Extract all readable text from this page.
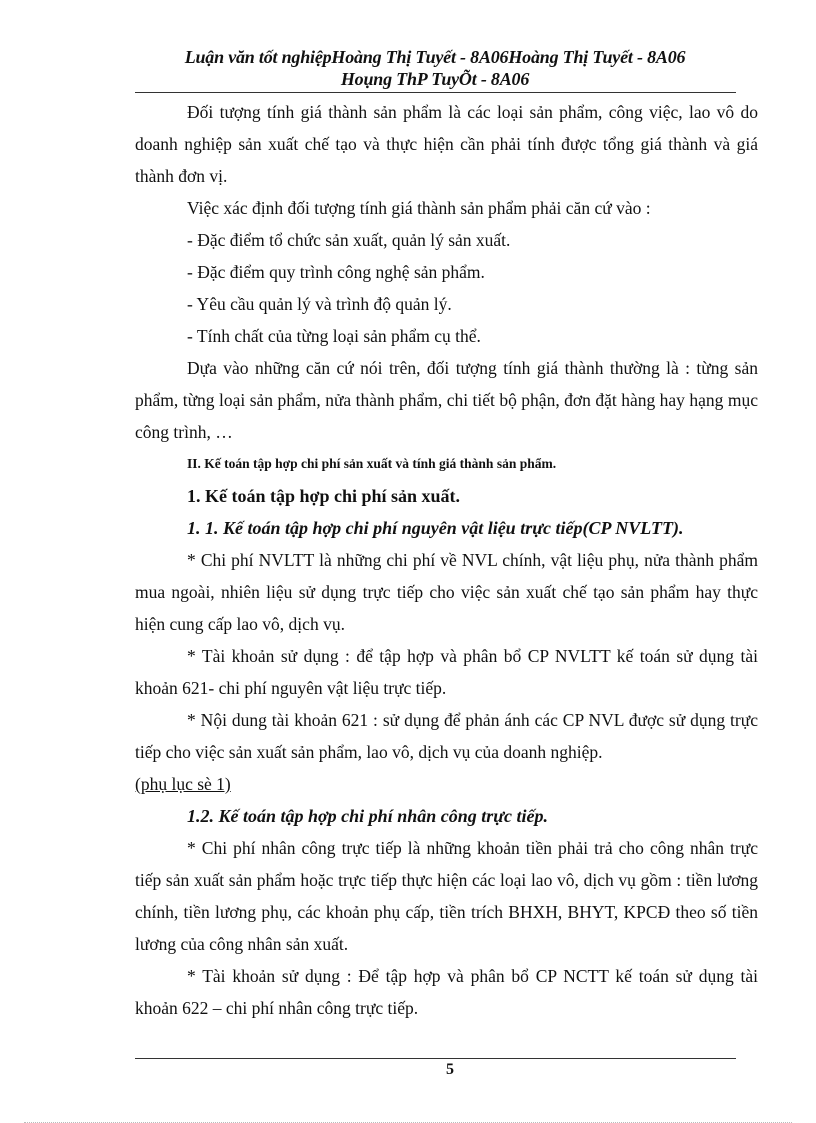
Luận văn tốt nghiệpHoàng Thị Tuyết - 8A06Hoàng Thị Tuyết - 8A06
Hoụng ThP TuyÕt - 8A06

Đối tượng tính giá thành sản phẩm là các loại sản phẩm, công việc, lao vô do doanh nghiệp sản xuất chế tạo và thực hiện cần phải tính được tổng giá thành và giá thành đơn vị.

Việc xác định đối tượng tính giá thành sản phẩm phải căn cứ vào :

- Đặc điểm tổ chức sản xuất, quản lý sản xuất.

- Đặc điểm quy trình công nghệ sản phẩm.

- Yêu cầu quản lý và trình độ quản lý.

- Tính chất của từng loại sản phẩm cụ thể.

Dựa vào những căn cứ nói trên, đối tượng tính giá thành thường là : từng sản phẩm, từng loại sản phẩm, nửa thành phẩm, chi tiết bộ phận, đơn đặt hàng hay hạng mục công trình, …

II. Kế toán tập hợp chi phí sản xuất và tính giá thành sản phẩm.

1. Kế toán tập hợp chi phí sản xuất.

1. 1. Kế toán tập hợp chi phí nguyên vật liệu trực tiếp(CP NVLTT).

* Chi phí NVLTT là những chi phí về NVL chính, vật liệu phụ, nửa thành phẩm mua ngoài, nhiên liệu sử dụng trực tiếp cho việc sản xuất chế tạo sản phẩm hay thực hiện cung cấp lao vô, dịch vụ.

* Tài khoản sử dụng : để tập hợp và phân bổ CP NVLTT kế toán sử dụng tài khoản 621- chi phí nguyên vật liệu trực tiếp.

* Nội dung tài khoản 621 : sử dụng để phản ánh các CP NVL được sử dụng trực tiếp cho việc sản xuất sản phẩm, lao vô, dịch vụ của doanh nghiệp.

(phụ lục sè 1)

1.2. Kế toán tập hợp chi phí nhân công trực tiếp.

* Chi phí nhân công trực tiếp là những khoản tiền phải trả cho công nhân trực tiếp sản xuất sản phẩm hoặc trực tiếp thực hiện các loại lao vô, dịch vụ gồm : tiền lương chính, tiền lương phụ, các khoản phụ cấp, tiền trích BHXH, BHYT, KPCĐ theo số tiền lương của công nhân sản xuất.

* Tài khoản sử dụng : Để tập hợp và phân bổ CP NCTT kế toán sử dụng tài khoản 622 – chi phí nhân công trực tiếp.

5
